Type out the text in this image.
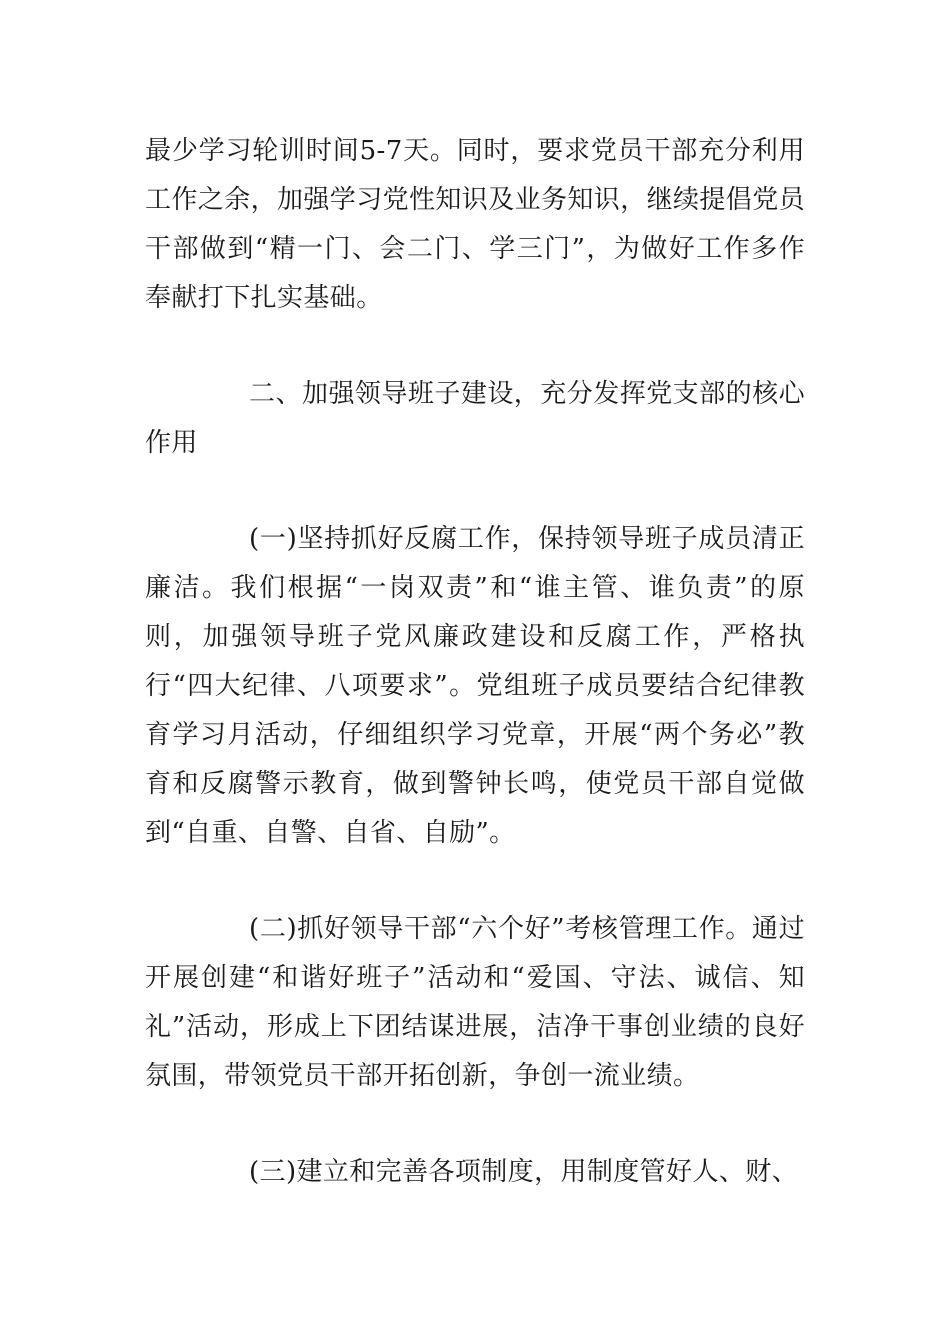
最少学习轮训时间5-7天。同时，要求党员干部充分利用工作之余，加强学习党性知识及业务知识，继续提倡党员干部做到“精一门、会二门、学三门”，为做好工作多作奉献打下扎实基础。

二、加强领导班子建设，充分发挥党支部的核心作用

(一)坚持抓好反腐工作，保持领导班子成员清正廉洁。我们根据“一岗双责”和“谁主管、谁负责”的原则，加强领导班子党风廉政建设和反腐工作，严格执行“四大纪律、八项要求”。党组班子成员要结合纪律教育学习月活动，仔细组织学习党章，开展“两个务必”教育和反腐警示教育，做到警钟长鸣，使党员干部自觉做到“自重、自警、自省、自励”。

(二)抓好领导干部“六个好”考核管理工作。通过开展创建“和谐好班子”活动和“爱国、守法、诚信、知礼”活动，形成上下团结谋进展，洁净干事创业绩的良好氛围，带领党员干部开拓创新，争创一流业绩。

(三)建立和完善各项制度，用制度管好人、财、
